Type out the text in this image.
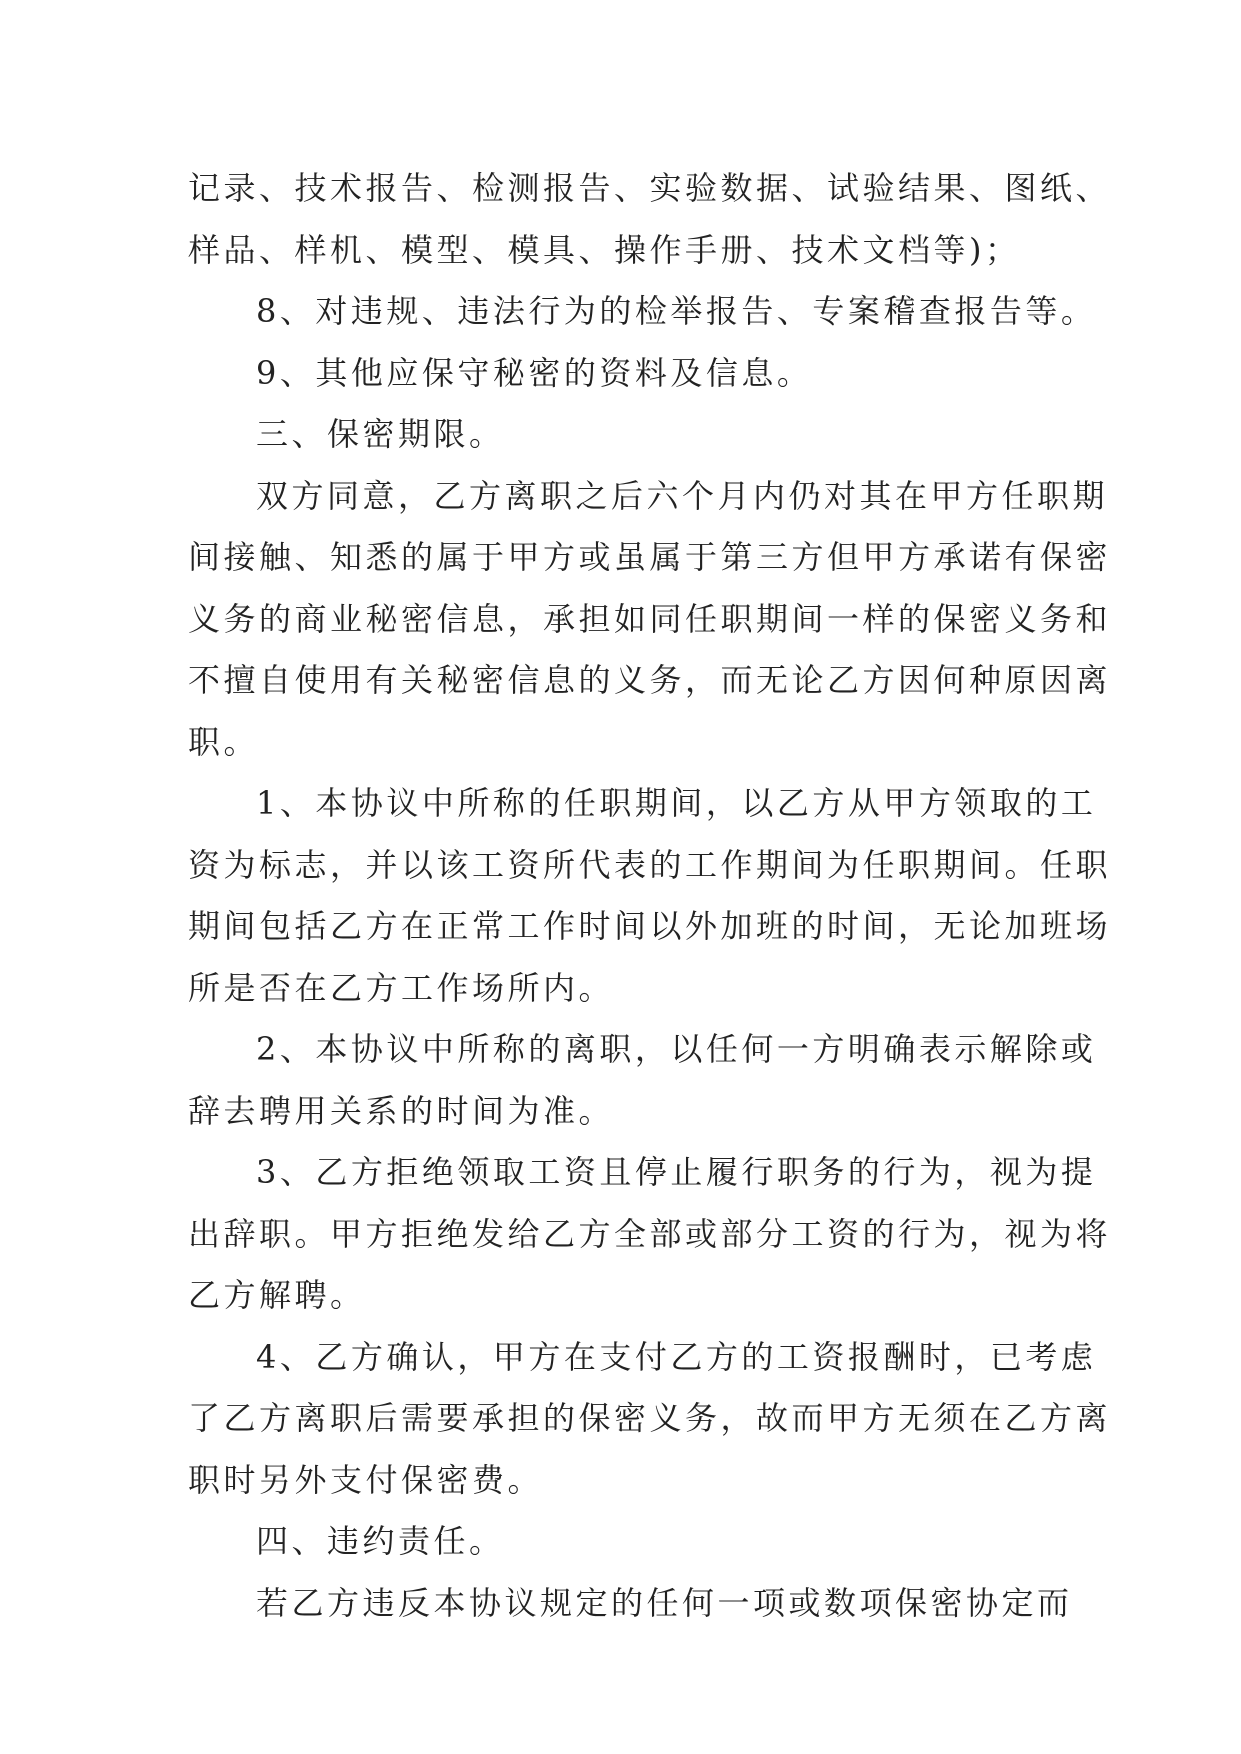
记录、技术报告、检测报告、实验数据、试验结果、图纸、
样品、样机、模型、模具、操作手册、技术文档等)；
8、对违规、违法行为的检举报告、专案稽查报告等。
9、其他应保守秘密的资料及信息。
三、保密期限。
双方同意，乙方离职之后六个月内仍对其在甲方任职期
间接触、知悉的属于甲方或虽属于第三方但甲方承诺有保密
义务的商业秘密信息，承担如同任职期间一样的保密义务和
不擅自使用有关秘密信息的义务，而无论乙方因何种原因离
职。
1、本协议中所称的任职期间，以乙方从甲方领取的工
资为标志，并以该工资所代表的工作期间为任职期间。任职
期间包括乙方在正常工作时间以外加班的时间，无论加班场
所是否在乙方工作场所内。
2、本协议中所称的离职，以任何一方明确表示解除或
辞去聘用关系的时间为准。
3、乙方拒绝领取工资且停止履行职务的行为，视为提
出辞职。甲方拒绝发给乙方全部或部分工资的行为，视为将
乙方解聘。
4、乙方确认，甲方在支付乙方的工资报酬时，已考虑
了乙方离职后需要承担的保密义务，故而甲方无须在乙方离
职时另外支付保密费。
四、违约责任。
若乙方违反本协议规定的任何一项或数项保密协定而
